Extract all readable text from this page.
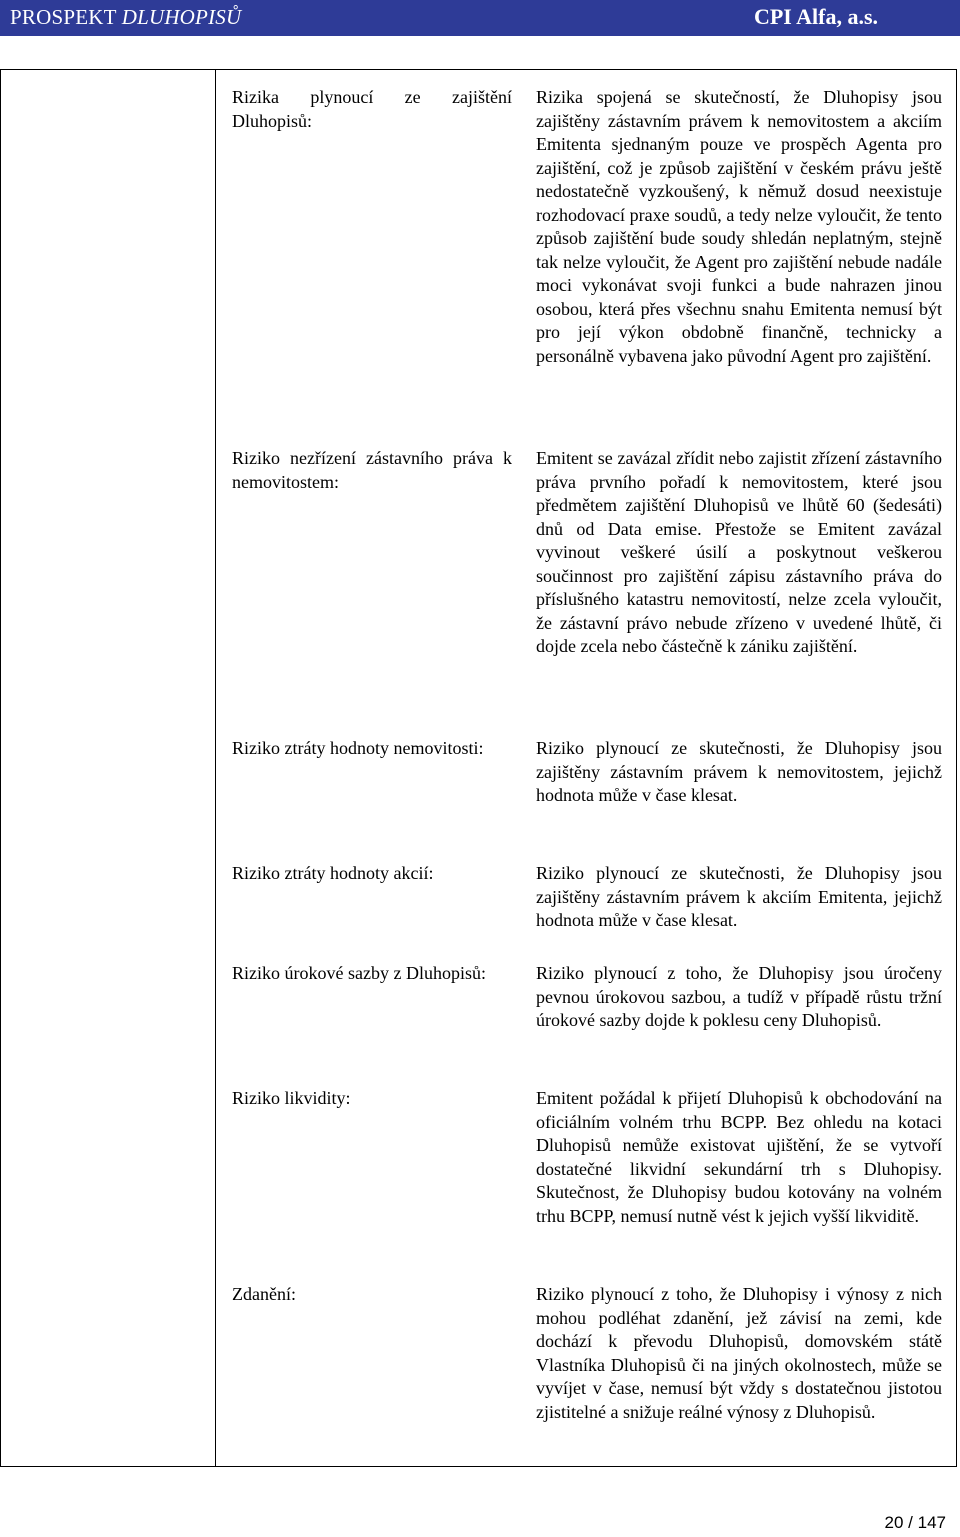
PROSPEKT DLUHOPISŮ	CPI Alfa, a.s.

Rizika plynoucí ze zajištění Dluhopisů:

Rizika spojená se skutečností, že Dluhopisy jsou zajištěny zástavním právem k nemovitostem a akciím Emitenta sjednaným pouze ve prospěch Agenta pro zajištění, což je způsob zajištění v českém právu ještě nedostatečně vyzkoušený, k němuž dosud neexistuje rozhodovací praxe soudů, a tedy nelze vyloučit, že tento způsob zajištění bude soudy shledán neplatným, stejně tak nelze vyloučit, že Agent pro zajištění nebude nadále moci vykonávat svoji funkci a bude nahrazen jinou osobou, která přes všechnu snahu Emitenta nemusí být pro její výkon obdobně finančně, technicky a personálně vybavena jako původní Agent pro zajištění.

Riziko nezřízení zástavního práva k nemovitostem:

Emitent se zavázal zřídit nebo zajistit zřízení zástavního práva prvního pořadí k nemovitostem, které jsou předmětem zajištění Dluhopisů ve lhůtě 60 (šedesáti) dnů od Data emise. Přestože se Emitent zavázal vyvinout veškeré úsilí a poskytnout veškerou součinnost pro zajištění zápisu zástavního práva do příslušného katastru nemovitostí, nelze zcela vyloučit, že zástavní právo nebude zřízeno v uvedené lhůtě, či dojde zcela nebo částečně k zániku zajištění.

Riziko ztráty hodnoty nemovitosti:	Riziko plynoucí ze skutečnosti, že Dluhopisy jsou zajištěny zástavním právem k nemovitostem, jejichž hodnota může v čase klesat.

Riziko ztráty hodnoty akcií:	Riziko plynoucí ze skutečnosti, že Dluhopisy jsou zajištěny zástavním právem k akciím Emitenta, jejichž hodnota může v čase klesat.

Riziko úrokové sazby z Dluhopisů:	Riziko plynoucí z toho, že Dluhopisy jsou úročeny pevnou úrokovou sazbou, a tudíž v případě růstu tržní úrokové sazby dojde k poklesu ceny Dluhopisů.

Riziko likvidity:	Emitent požádal k přijetí Dluhopisů k obchodování na oficiálním volném trhu BCPP. Bez ohledu na kotaci Dluhopisů nemůže existovat ujištění, že se vytvoří dostatečné likvidní sekundární trh s Dluhopisy. Skutečnost, že Dluhopisy budou kotovány na volném trhu BCPP, nemusí nutně vést k jejich vyšší likviditě.

Zdanění:	Riziko plynoucí z toho, že Dluhopisy i výnosy z nich mohou podléhat zdanění, jež závisí na zemi, kde dochází k převodu Dluhopisů, domovském státě Vlastníka Dluhopisů či na jiných okolnostech, může se vyvíjet v čase, nemusí být vždy s dostatečnou jistotou zjistitelné a snižuje reálné výnosy z Dluhopisů.

20 / 147
